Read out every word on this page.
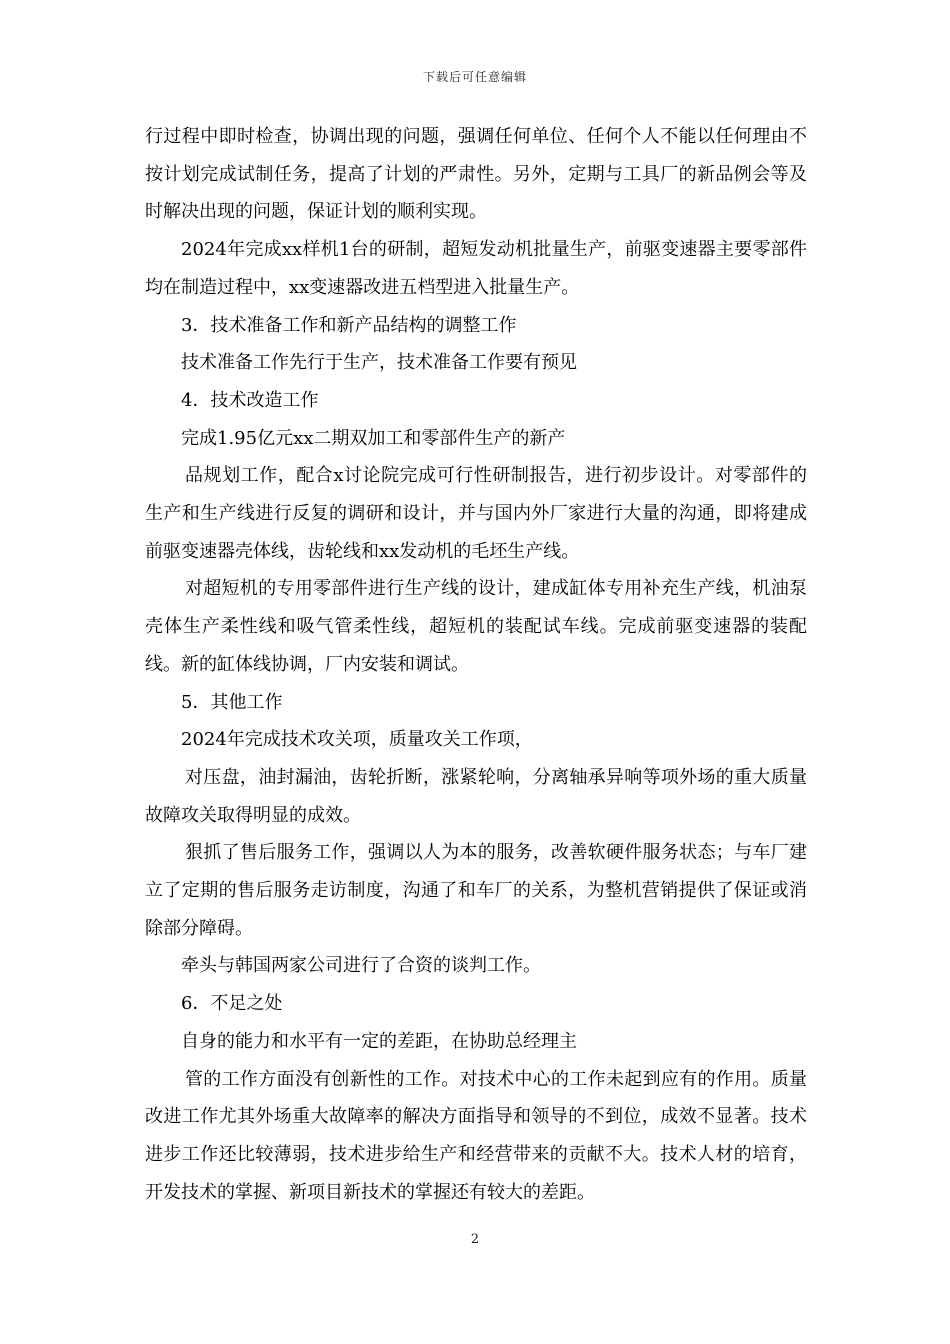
下载后可任意编辑

行过程中即时检查，协调出现的问题，强调任何单位、任何个人不能以任何理由不按计划完成试制任务，提高了计划的严肃性。另外，定期与工具厂的新品例会等及时解决出现的问题，保证计划的顺利实现。

2024年完成xx样机1台的研制，超短发动机批量生产，前驱变速器主要零部件均在制造过程中，xx变速器改进五档型进入批量生产。

3．技术准备工作和新产品结构的调整工作

技术准备工作先行于生产，技术准备工作要有预见

4．技术改造工作

完成1.95亿元xx二期双加工和零部件生产的新产

品规划工作，配合x讨论院完成可行性研制报告，进行初步设计。对零部件的生产和生产线进行反复的调研和设计，并与国内外厂家进行大量的沟通，即将建成前驱变速器壳体线，齿轮线和xx发动机的毛坯生产线。

对超短机的专用零部件进行生产线的设计，建成缸体专用补充生产线，机油泵壳体生产柔性线和吸气管柔性线，超短机的装配试车线。完成前驱变速器的装配线。新的缸体线协调，厂内安装和调试。

5．其他工作

2024年完成技术攻关项，质量攻关工作项，

对压盘，油封漏油，齿轮折断，涨紧轮响，分离轴承异响等项外场的重大质量故障攻关取得明显的成效。

狠抓了售后服务工作，强调以人为本的服务，改善软硬件服务状态；与车厂建立了定期的售后服务走访制度，沟通了和车厂的关系，为整机营销提供了保证或消除部分障碍。

牵头与韩国两家公司进行了合资的谈判工作。

6．不足之处

自身的能力和水平有一定的差距，在协助总经理主

管的工作方面没有创新性的工作。对技术中心的工作未起到应有的作用。质量改进工作尤其外场重大故障率的解决方面指导和领导的不到位，成效不显著。技术进步工作还比较薄弱，技术进步给生产和经营带来的贡献不大。技术人材的培育，开发技术的掌握、新项目新技术的掌握还有较大的差距。

2
